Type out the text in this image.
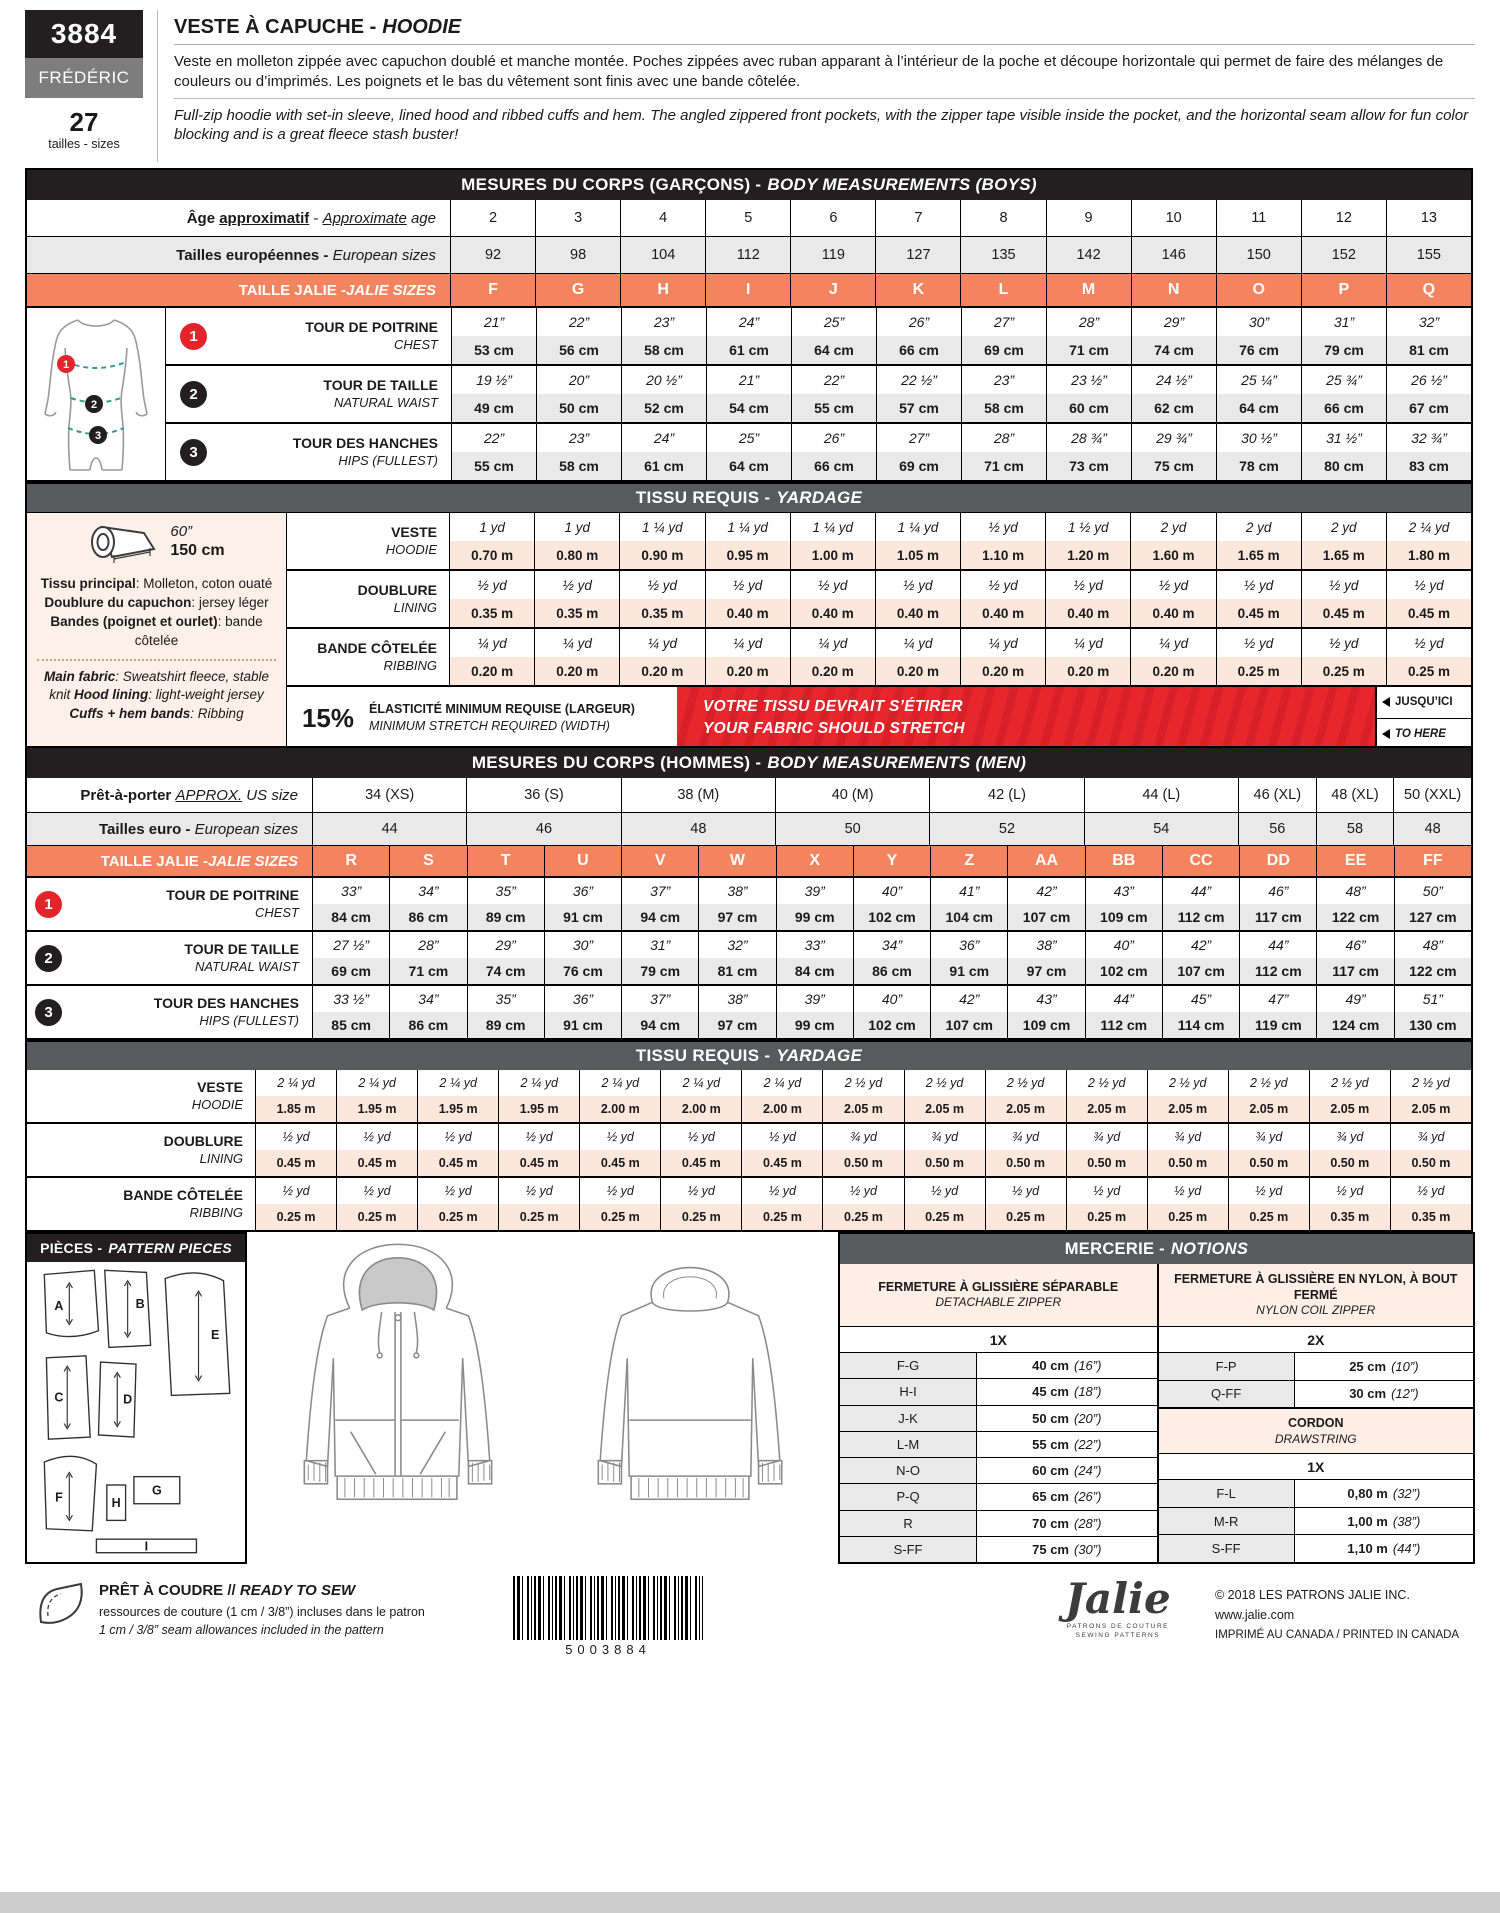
3884
FRÉDÉRIC
27
tailles - sizes
VESTE À CAPUCHE - HOODIE
Veste en molleton zippée avec capuchon doublé et manche montée. Poches zippées avec ruban apparant à l’intérieur de la poche et découpe horizontale qui permet de faire des mélanges de couleurs ou d’imprimés. Les poignets et le bas du vêtement sont finis avec une bande côtelée.
Full-zip hoodie with set-in sleeve, lined hood and ribbed cuffs and hem. The angled zippered front pockets, with the zipper tape visible inside the pocket, and the horizontal seam allow for fun color blocking and is a great fleece stash buster!
MESURES DU CORPS (GARÇONS) - BODY MEASUREMENTS (BOYS)
Âge approximatif - Approximate age	2	3	4	5	6	7	8	9	10	11	12	13
Tailles européennes - European sizes	92	98	104	112	119	127	135	142	146	150	152	155
TAILLE JALIE - JALIE SIZES	F	G	H	I	J	K	L	M	N	O	P	Q
1
2
3
1
TOUR DE POITRINE
CHEST
21”	22”	23”	24”	25”	26”	27”	28”	29”	30”	31”	32”
53 cm	56 cm	58 cm	61 cm	64 cm	66 cm	69 cm	71 cm	74 cm	76 cm	79 cm	81 cm
2
TOUR DE TAILLE
NATURAL WAIST
19 ½”	20”	20 ½”	21”	22”	22 ½”	23”	23 ½”	24 ½”	25 ¼”	25 ¾”	26 ½”
49 cm	50 cm	52 cm	54 cm	55 cm	57 cm	58 cm	60 cm	62 cm	64 cm	66 cm	67 cm
3
TOUR DES HANCHES
HIPS (FULLEST)
22”	23”	24”	25”	26”	27”	28”	28 ¾”	29 ¾”	30 ½”	31 ½”	32 ¾”
55 cm	58 cm	61 cm	64 cm	66 cm	69 cm	71 cm	73 cm	75 cm	78 cm	80 cm	83 cm
TISSU REQUIS - YARDAGE
60”
150 cm
Tissu principal: Molleton, coton ouaté Doublure du capuchon: jersey léger Bandes (poignet et ourlet): bande côtelée
Main fabric: Sweatshirt fleece, stable knit Hood lining: light-weight jersey Cuffs + hem bands: Ribbing
VESTE
HOODIE
1 yd	1 yd	1 ¼ yd	1 ¼ yd	1 ¼ yd	1 ¼ yd	½ yd	1 ½ yd	2 yd	2 yd	2 yd	2 ¼ yd
0.70 m	0.80 m	0.90 m	0.95 m	1.00 m	1.05 m	1.10 m	1.20 m	1.60 m	1.65 m	1.65 m	1.80 m
DOUBLURE
LINING
½ yd	½ yd	½ yd	½ yd	½ yd	½ yd	½ yd	½ yd	½ yd	½ yd	½ yd	½ yd
0.35 m	0.35 m	0.35 m	0.40 m	0.40 m	0.40 m	0.40 m	0.40 m	0.40 m	0.45 m	0.45 m	0.45 m
BANDE CÔTELÉE
RIBBING
¼ yd	¼ yd	¼ yd	¼ yd	¼ yd	¼ yd	¼ yd	¼ yd	¼ yd	½ yd	½ yd	½ yd
0.20 m	0.20 m	0.20 m	0.20 m	0.20 m	0.20 m	0.20 m	0.20 m	0.20 m	0.25 m	0.25 m	0.25 m
15%	ÉLASTICITÉ MINIMUM REQUISE (LARGEUR)
MINIMUM STRETCH REQUIRED (WIDTH)
VOTRE TISSU DEVRAIT S’ÉTIRER
YOUR FABRIC SHOULD STRETCH
JUSQU’ICI
TO HERE
MESURES DU CORPS (HOMMES) - BODY MEASUREMENTS (MEN)
Prêt-à-porter APPROX. US size	34 (XS)	36 (S)	38 (M)	40 (M)	42 (L)	44 (L)	46 (XL)	48 (XL)	50 (XXL)
Tailles euro - European sizes	44	46	48	50	52	54	56	58	48
TAILLE JALIE - JALIE SIZES	R	S	T	U	V	W	X	Y	Z	AA	BB	CC	DD	EE	FF
1
TOUR DE POITRINE
CHEST
33”	34”	35”	36”	37”	38”	39”	40”	41”	42”	43”	44”	46”	48”	50”
84 cm	86 cm	89 cm	91 cm	94 cm	97 cm	99 cm	102 cm	104 cm	107 cm	109 cm	112 cm	117 cm	122 cm	127 cm
2
TOUR DE TAILLE
NATURAL WAIST
27 ½”	28”	29”	30”	31”	32”	33”	34”	36”	38”	40”	42”	44”	46”	48”
69 cm	71 cm	74 cm	76 cm	79 cm	81 cm	84 cm	86 cm	91 cm	97 cm	102 cm	107 cm	112 cm	117 cm	122 cm
3
TOUR DES HANCHES
HIPS (FULLEST)
33 ½”	34”	35”	36”	37”	38”	39”	40”	42”	43”	44”	45”	47”	49”	51”
85 cm	86 cm	89 cm	91 cm	94 cm	97 cm	99 cm	102 cm	107 cm	109 cm	112 cm	114 cm	119 cm	124 cm	130 cm
TISSU REQUIS - YARDAGE
VESTE
HOODIE
2 ¼ yd	2 ¼ yd	2 ¼ yd	2 ¼ yd	2 ¼ yd	2 ¼ yd	2 ¼ yd	2 ½ yd	2 ½ yd	2 ½ yd	2 ½ yd	2 ½ yd	2 ½ yd	2 ½ yd	2 ½ yd
1.85 m	1.95 m	1.95 m	1.95 m	2.00 m	2.00 m	2.00 m	2.05 m	2.05 m	2.05 m	2.05 m	2.05 m	2.05 m	2.05 m	2.05 m
DOUBLURE
LINING
½ yd	½ yd	½ yd	½ yd	½ yd	½ yd	½ yd	¾ yd	¾ yd	¾ yd	¾ yd	¾ yd	¾ yd	¾ yd	¾ yd
0.45 m	0.45 m	0.45 m	0.45 m	0.45 m	0.45 m	0.45 m	0.50 m	0.50 m	0.50 m	0.50 m	0.50 m	0.50 m	0.50 m	0.50 m
BANDE CÔTELÉE
RIBBING
½ yd	½ yd	½ yd	½ yd	½ yd	½ yd	½ yd	½ yd	½ yd	½ yd	½ yd	½ yd	½ yd	½ yd	½ yd
0.25 m	0.25 m	0.25 m	0.25 m	0.25 m	0.25 m	0.25 m	0.25 m	0.25 m	0.25 m	0.25 m	0.25 m	0.25 m	0.35 m	0.35 m
PIÈCES - PATTERN PIECES
A	B
C	D
E
F
G
H
I
MERCERIE - NOTIONS
FERMETURE À GLISSIÈRE SÉPARABLE
DETACHABLE ZIPPER
1X
F-G	40 cm (16”)
H-I	45 cm (18”)
J-K	50 cm (20”)
L-M	55 cm (22”)
N-O	60 cm (24”)
P-Q	65 cm (26”)
R	70 cm (28”)
S-FF	75 cm (30”)
FERMETURE À GLISSIÈRE EN NYLON, À BOUT FERMÉ
NYLON COIL ZIPPER
2X
F-P	25 cm (10”)
Q-FF	30 cm (12”)
CORDON
DRAWSTRING
1X
F-L	0,80 m (32”)
M-R	1,00 m (38”)
S-FF	1,10 m (44”)
PRÊT À COUDRE // READY TO SEW
ressources de couture (1 cm / 3/8”) incluses dans le patron
1 cm / 3/8” seam allowances included in the pattern
5003884
Jalie
PATRONS DE COUTURE
SEWING PATTERNS
© 2018 LES PATRONS JALIE INC.
www.jalie.com
IMPRIMÉ AU CANADA / PRINTED IN CANADA
